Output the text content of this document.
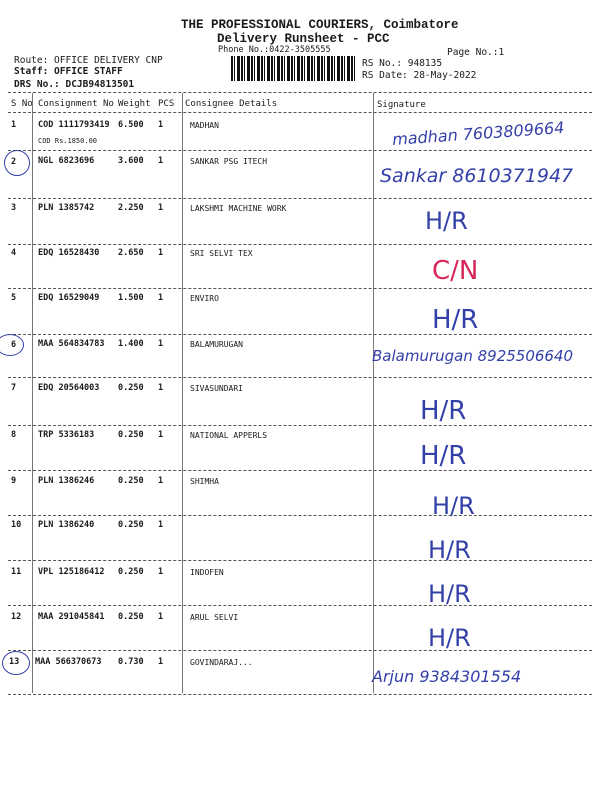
THE PROFESSIONAL COURIERS, Coimbatore
Delivery Runsheet - PCC
Phone No.:0422-3505555	Page No.:1
RS No.: 948135
RS Date: 28-May-2022
Route: OFFICE DELIVERY CNP
Staff: OFFICE STAFF
DRS No.: DCJB94813501
S No Consignment No Weight PCS Consignee Details	Signature
1	COD 1111793419 6.500 1	MADHAN
COD Rs.1850.00	madhan 7603809664
2	NGL 6823696	3.600 1	SANKAR PSG ITECH
Sankar 8610371947
3	PLN 1385742	2.250 1	LAKSHMI MACHINE WORK	H/R
4	EDQ 16528430 2.650 1	SRI SELVI TEX
C/N
5	EDQ 16529049 1.500 1	ENVIRO
H/R
6	MAA 564834783 1.400 1	BALAMURUGAN
Balamurugan 8925506640
7	EDQ 20564003 0.250 1	SIVASUNDARI
H/R
8	TRP 5336183	0.250 1	NATIONAL APPERLS
H/R
9	PLN 1386246	0.250 1	SHIMHA
H/R
10 PLN 1386240	0.250 1
H/R
11 VPL 125186412 0.250 1	INDOFEN
H/R
12 MAA 291045841 0.250 1	ARUL SELVI
H/R
13 MAA 566370673 0.730 1	GOVINDARAJ...
Arjun 9384301554
